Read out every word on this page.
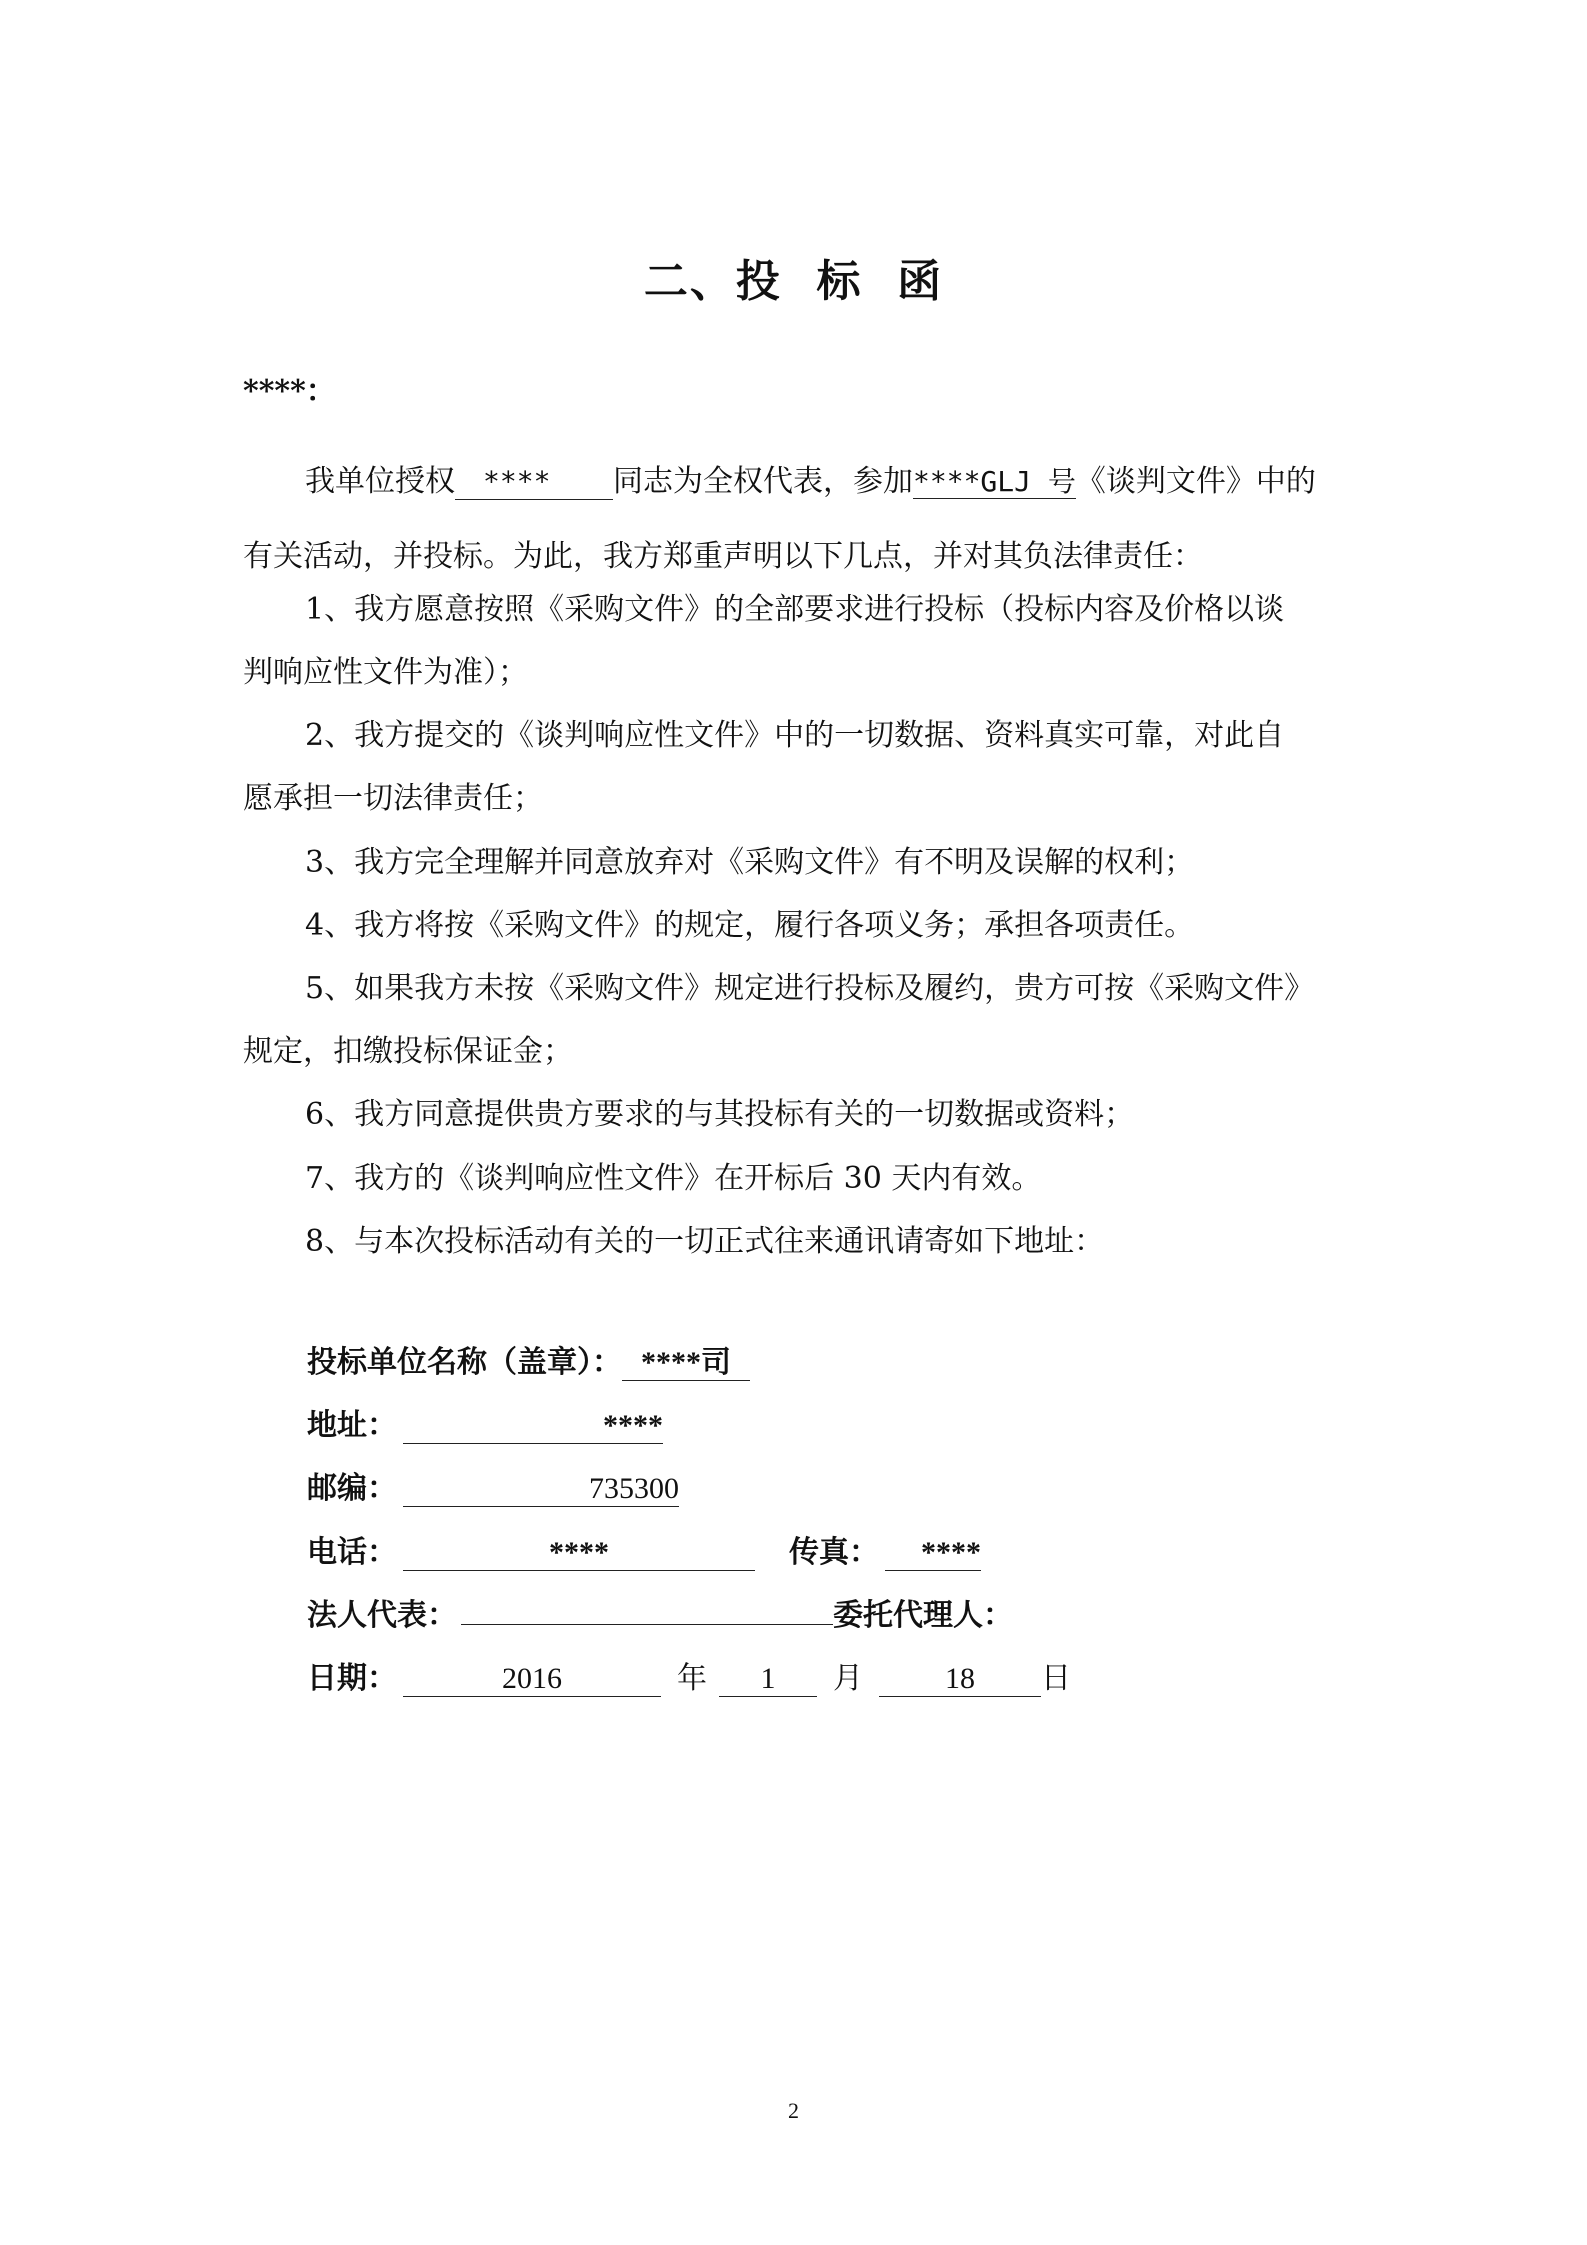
二、投  标  函
****：
我单位授权 **** 同志为全权代表，参加****GLJ 号《谈判文件》中的
有关活动，并投标。为此，我方郑重声明以下几点，并对其负法律责任：
1、我方愿意按照《采购文件》的全部要求进行投标（投标内容及价格以谈
判响应性文件为准）；
2、我方提交的《谈判响应性文件》中的一切数据、资料真实可靠，对此自
愿承担一切法律责任；
3、我方完全理解并同意放弃对《采购文件》有不明及误解的权利；
4、我方将按《采购文件》的规定，履行各项义务；承担各项责任。
5、如果我方未按《采购文件》规定进行投标及履约，贵方可按《采购文件》
规定，扣缴投标保证金；
6、我方同意提供贵方要求的与其投标有关的一切数据或资料；
7、我方的《谈判响应性文件》在开标后 30 天内有效。
8、与本次投标活动有关的一切正式往来通讯请寄如下地址：
投标单位名称（盖章）： ****司
地址：	****
邮编：	735300
电话：	****	传真： ****
法人代表：	委托代理人：
日期：	2016	年 1 月	18 日
2
